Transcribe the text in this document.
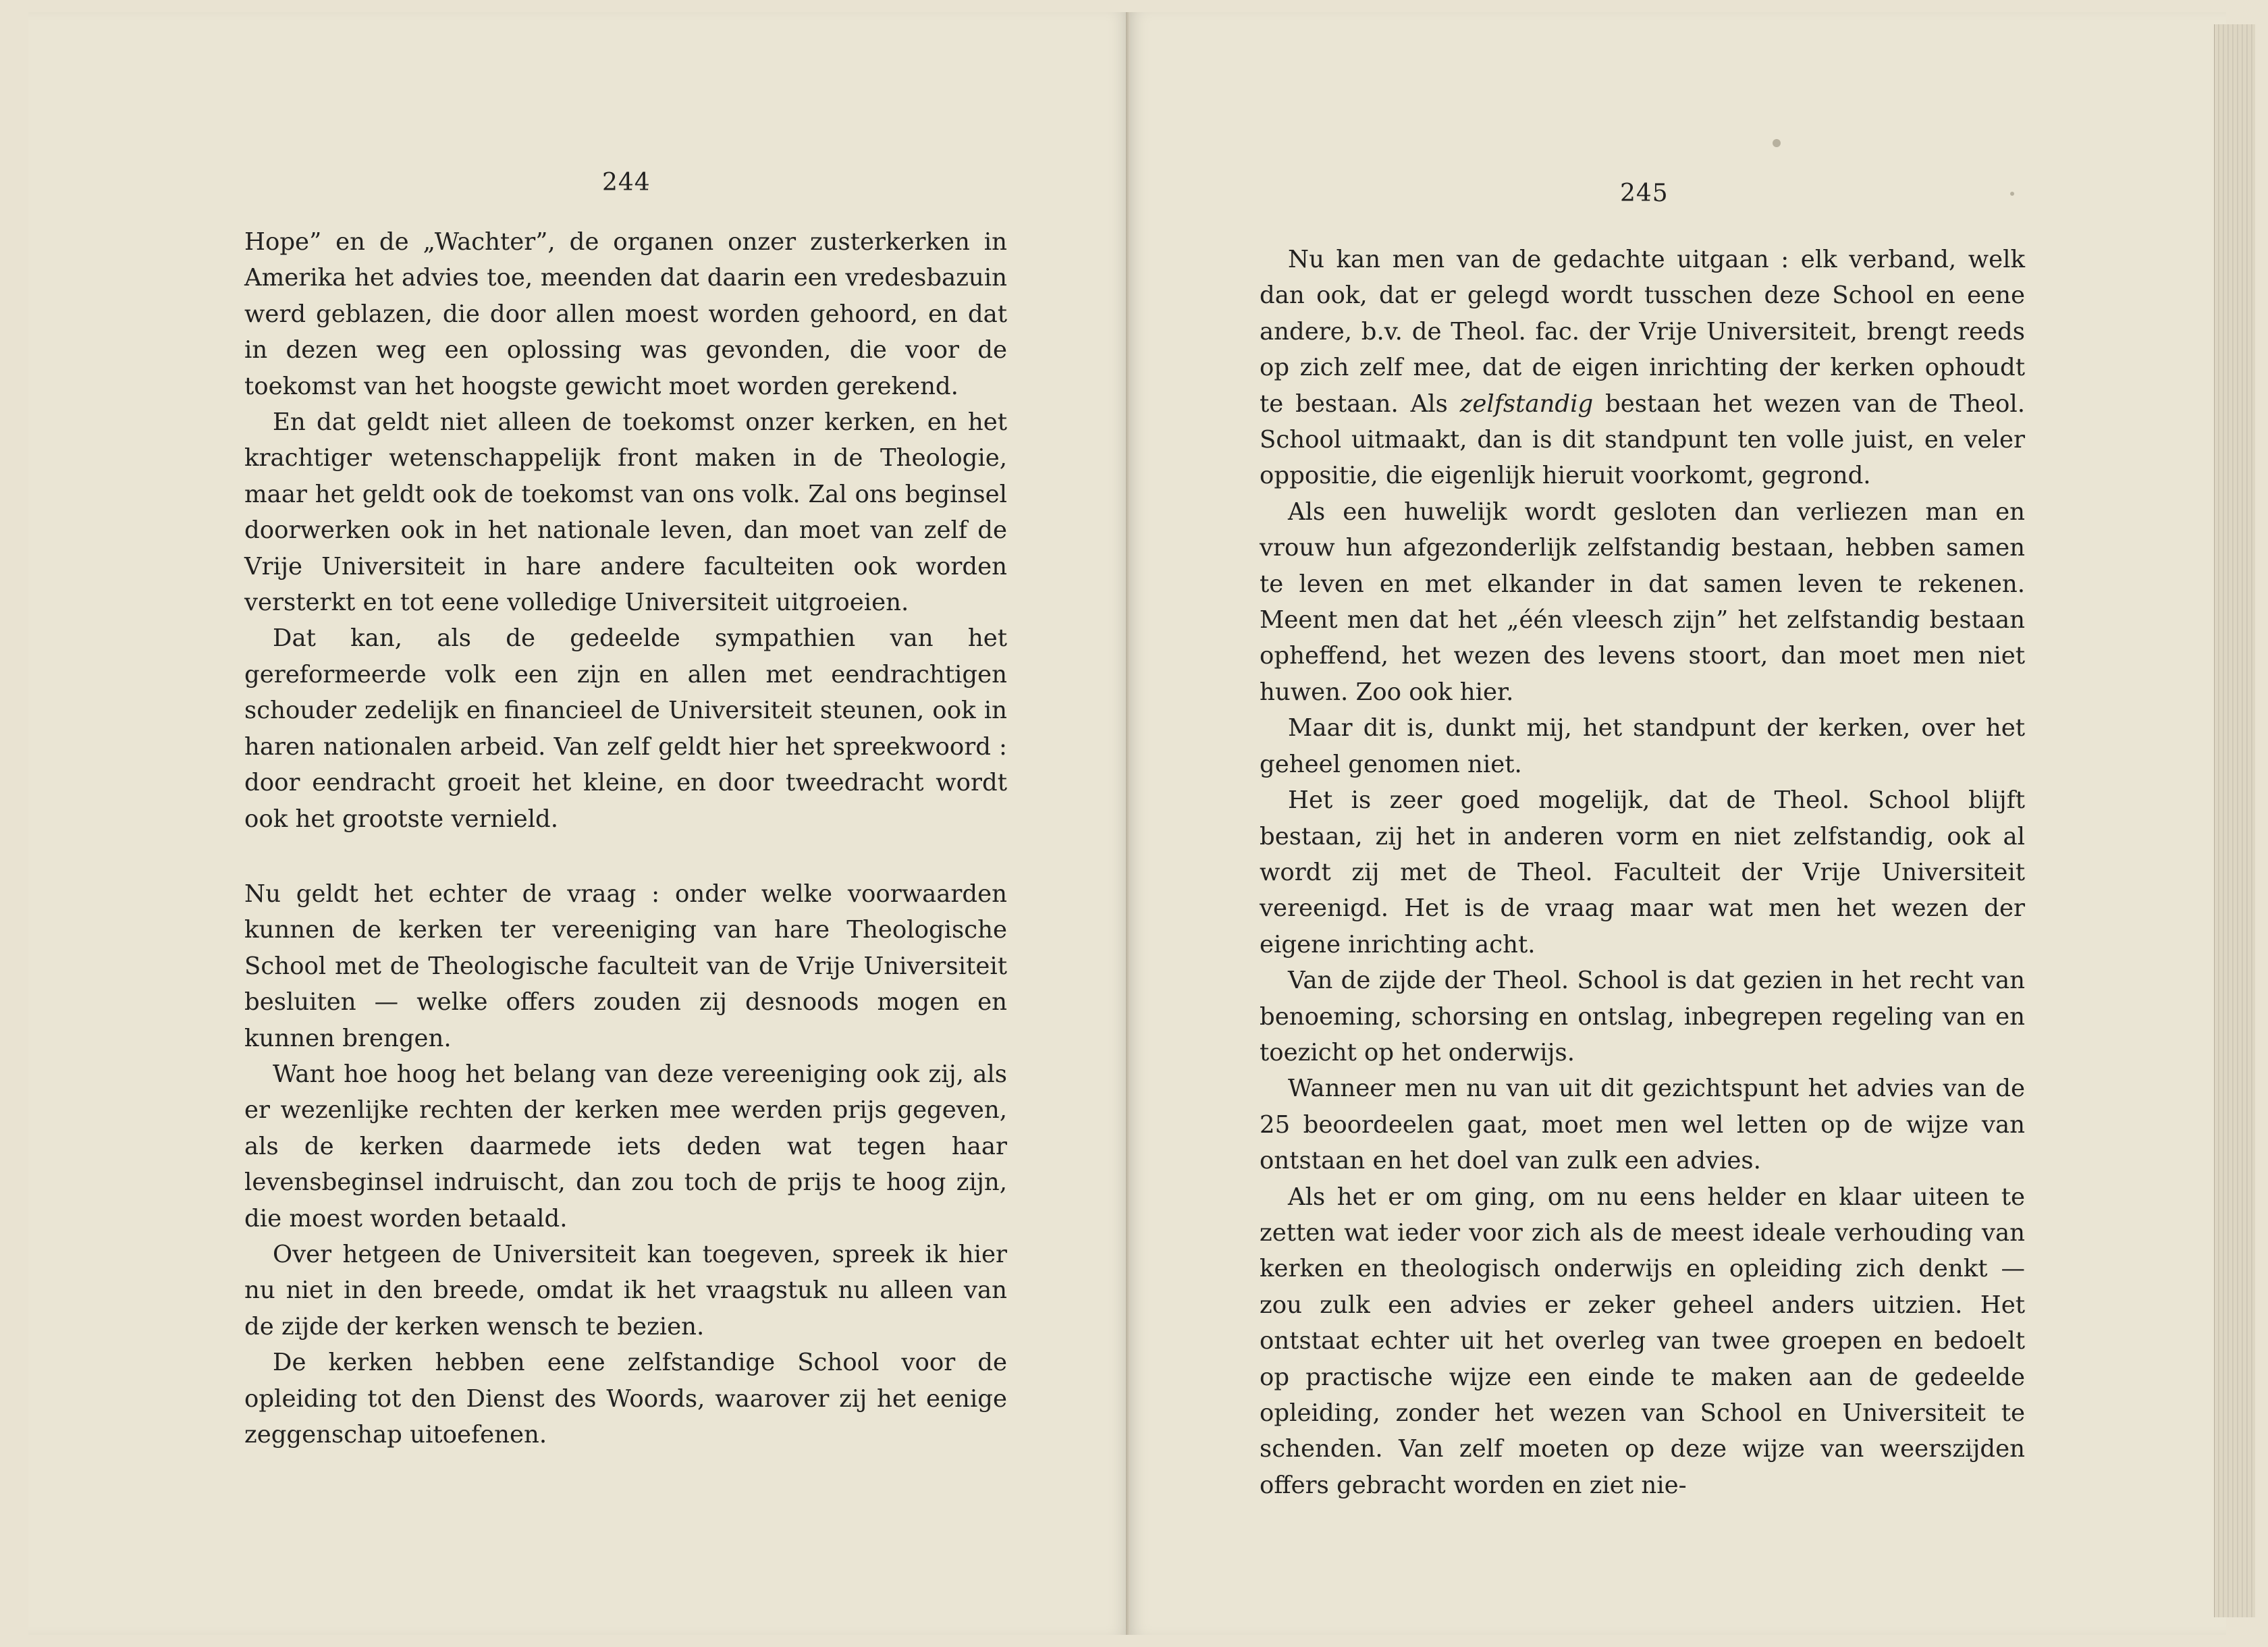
244	245

Hope” en de „Wachter”, de organen onzer zusterkerken in Amerika het advies toe, meenden dat daarin een vredesbazuin werd geblazen, die door allen moest worden gehoord, en dat in dezen weg een oplossing was gevonden, die voor de toekomst van het hoogste gewicht moet worden gerekend.

En dat geldt niet alleen de toekomst onzer kerken, en het krachtiger wetenschappelijk front maken in de Theologie, maar het geldt ook de toekomst van ons volk. Zal ons beginsel doorwerken ook in het nationale leven, dan moet van zelf de Vrije Universiteit in hare andere faculteiten ook worden versterkt en tot eene volledige Universiteit uitgroeien.

Dat kan, als de gedeelde sympathien van het gereformeerde volk een zijn en allen met eendrachtigen schouder zedelijk en financieel de Universiteit steunen, ook in haren nationalen arbeid. Van zelf geldt hier het spreekwoord : door eendracht groeit het kleine, en door tweedracht wordt ook het grootste vernield.

Nu geldt het echter de vraag : onder welke voorwaarden kunnen de kerken ter vereeniging van hare Theologische School met de Theologische faculteit van de Vrije Universiteit besluiten — welke offers zouden zij desnoods mogen en kunnen brengen.

Want hoe hoog het belang van deze vereeniging ook zij, als er wezenlijke rechten der kerken mee werden prijs gegeven, als de kerken daarmede iets deden wat tegen haar levensbeginsel indruischt, dan zou toch de prijs te hoog zijn, die moest worden betaald.

Over hetgeen de Universiteit kan toegeven, spreek ik hier nu niet in den breede, omdat ik het vraagstuk nu alleen van de zijde der kerken wensch te bezien.

De kerken hebben eene zelfstandige School voor de opleiding tot den Dienst des Woords, waarover zij het eenige zeggenschap uitoefenen.

Nu kan men van de gedachte uitgaan : elk verband, welk dan ook, dat er gelegd wordt tusschen deze School en eene andere, b.v. de Theol. fac. der Vrije Universiteit, brengt reeds op zich zelf mee, dat de eigen inrichting der kerken ophoudt te bestaan. Als zelfstandig bestaan het wezen van de Theol. School uitmaakt, dan is dit standpunt ten volle juist, en veler oppositie, die eigenlijk hieruit voorkomt, gegrond.

Als een huwelijk wordt gesloten dan verliezen man en vrouw hun afgezonderlijk zelfstandig bestaan, hebben samen te leven en met elkander in dat samen leven te rekenen. Meent men dat het „één vleesch zijn” het zelfstandig bestaan opheffend, het wezen des levens stoort, dan moet men niet huwen. Zoo ook hier.

Maar dit is, dunkt mij, het standpunt der kerken, over het geheel genomen niet.

Het is zeer goed mogelijk, dat de Theol. School blijft bestaan, zij het in anderen vorm en niet zelfstandig, ook al wordt zij met de Theol. Faculteit der Vrije Universiteit vereenigd. Het is de vraag maar wat men het wezen der eigene inrichting acht.

Van de zijde der Theol. School is dat gezien in het recht van benoeming, schorsing en ontslag, inbegrepen regeling van en toezicht op het onderwijs.

Wanneer men nu van uit dit gezichtspunt het advies van de 25 beoordeelen gaat, moet men wel letten op de wijze van ontstaan en het doel van zulk een advies.

Als het er om ging, om nu eens helder en klaar uiteen te zetten wat ieder voor zich als de meest ideale verhouding van kerken en theologisch onderwijs en opleiding zich denkt — zou zulk een advies er zeker geheel anders uitzien. Het ontstaat echter uit het overleg van twee groepen en bedoelt op practische wijze een einde te maken aan de gedeelde opleiding, zonder het wezen van School en Universiteit te schenden. Van zelf moeten op deze wijze van weerszijden offers gebracht worden en ziet nie-
